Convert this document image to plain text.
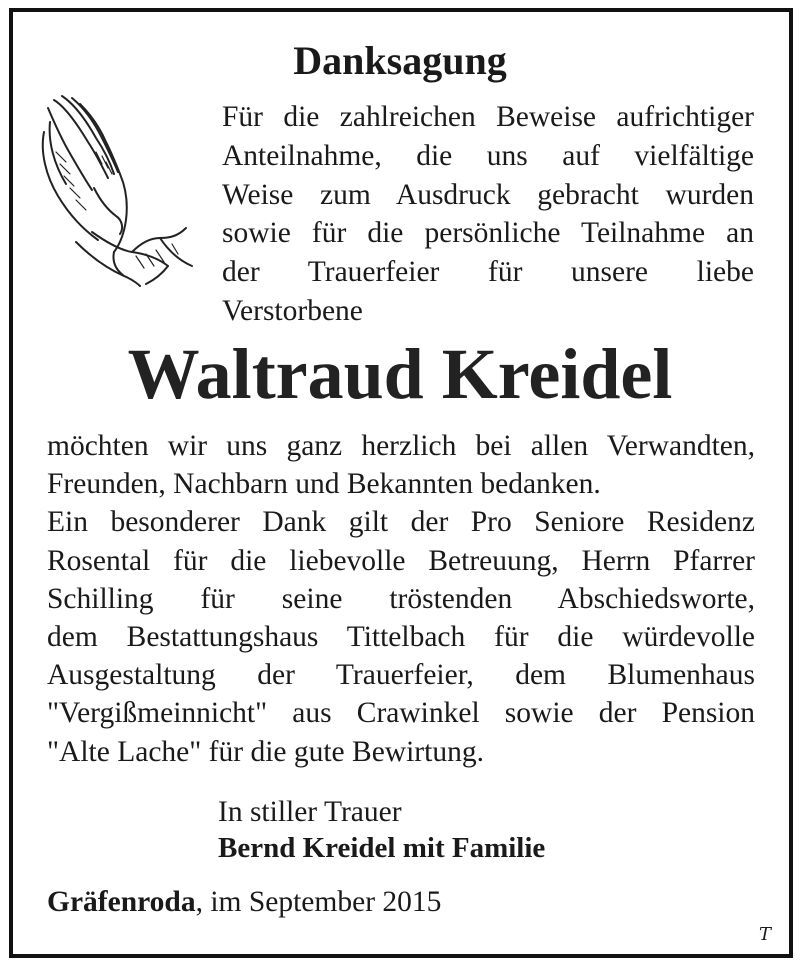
Danksagung
Für die zahlreichen Beweise aufrichtiger
Anteilnahme, die uns auf vielfältige
Weise zum Ausdruck gebracht wurden
sowie für die persönliche Teilnahme an
der Trauerfeier für unsere liebe
Verstorbene
Waltraud Kreidel
möchten wir uns ganz herzlich bei allen Verwandten,
Freunden, Nachbarn und Bekannten bedanken.
Ein besonderer Dank gilt der Pro Seniore Residenz
Rosental für die liebevolle Betreuung, Herrn Pfarrer
Schilling für seine tröstenden Abschiedsworte,
dem Bestattungshaus Tittelbach für die würdevolle
Ausgestaltung der Trauerfeier, dem Blumenhaus
"Vergißmeinnicht" aus Crawinkel sowie der Pension
"Alte Lache" für die gute Bewirtung.
In stiller Trauer
Bernd Kreidel mit Familie
Gräfenroda, im September 2015
T
